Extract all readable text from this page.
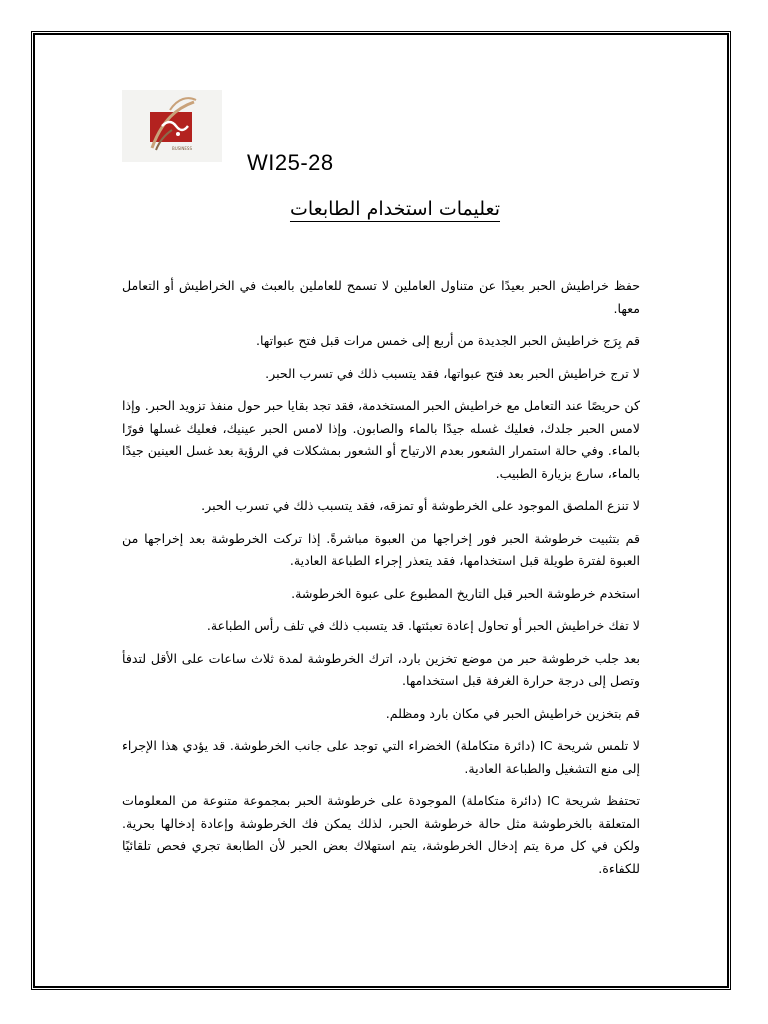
BUSINESS
WI25-28
تعليمات استخدام الطابعات

حفظ خراطيش الحبر بعيدًا عن متناول العاملين لا تسمح للعاملين بالعبث في الخراطيش أو التعامل معها.

قم بِرَج خراطيش الحبر الجديدة من أربع إلى خمس مرات قبل فتح عبواتها.

لا ترج خراطيش الحبر بعد فتح عبواتها، فقد يتسبب ذلك في تسرب الحبر.

كن حريصًا عند التعامل مع خراطيش الحبر المستخدمة، فقد تجد بقايا حبر حول منفذ تزويد الحبر. وإذا لامس الحبر جلدك، فعليك غسله جيدًا بالماء والصابون. وإذا لامس الحبر عينيك، فعليك غسلها فورًا بالماء. وفي حالة استمرار الشعور بعدم الارتياح أو الشعور بمشكلات في الرؤية بعد غسل العينين جيدًا بالماء، سارع بزيارة الطبيب.

لا تنزع الملصق الموجود على الخرطوشة أو تمزقه، فقد يتسبب ذلك في تسرب الحبر.

قم بتثبيت خرطوشة الحبر فور إخراجها من العبوة مباشرةً. إذا تركت الخرطوشة بعد إخراجها من العبوة لفترة طويلة قبل استخدامها، فقد يتعذر إجراء الطباعة العادية.

استخدم خرطوشة الحبر قبل التاريخ المطبوع على عبوة الخرطوشة.

لا تفك خراطيش الحبر أو تحاول إعادة تعبئتها. قد يتسبب ذلك في تلف رأس الطباعة.

بعد جلب خرطوشة حبر من موضع تخزين بارد، اترك الخرطوشة لمدة ثلاث ساعات على الأقل لتدفأ وتصل إلى درجة حرارة الغرفة قبل استخدامها.

قم بتخزين خراطيش الحبر في مكان بارد ومظلم.

لا تلمس شريحة IC (دائرة متكاملة) الخضراء التي توجد على جانب الخرطوشة. قد يؤدي هذا الإجراء إلى منع التشغيل والطباعة العادية.

تحتفظ شريحة IC (دائرة متكاملة) الموجودة على خرطوشة الحبر بمجموعة متنوعة من المعلومات المتعلقة بالخرطوشة مثل حالة خرطوشة الحبر، لذلك يمكن فك الخرطوشة وإعادة إدخالها بحرية. ولكن في كل مرة يتم إدخال الخرطوشة، يتم استهلاك بعض الحبر لأن الطابعة تجري فحص تلقائيًا للكفاءة.
